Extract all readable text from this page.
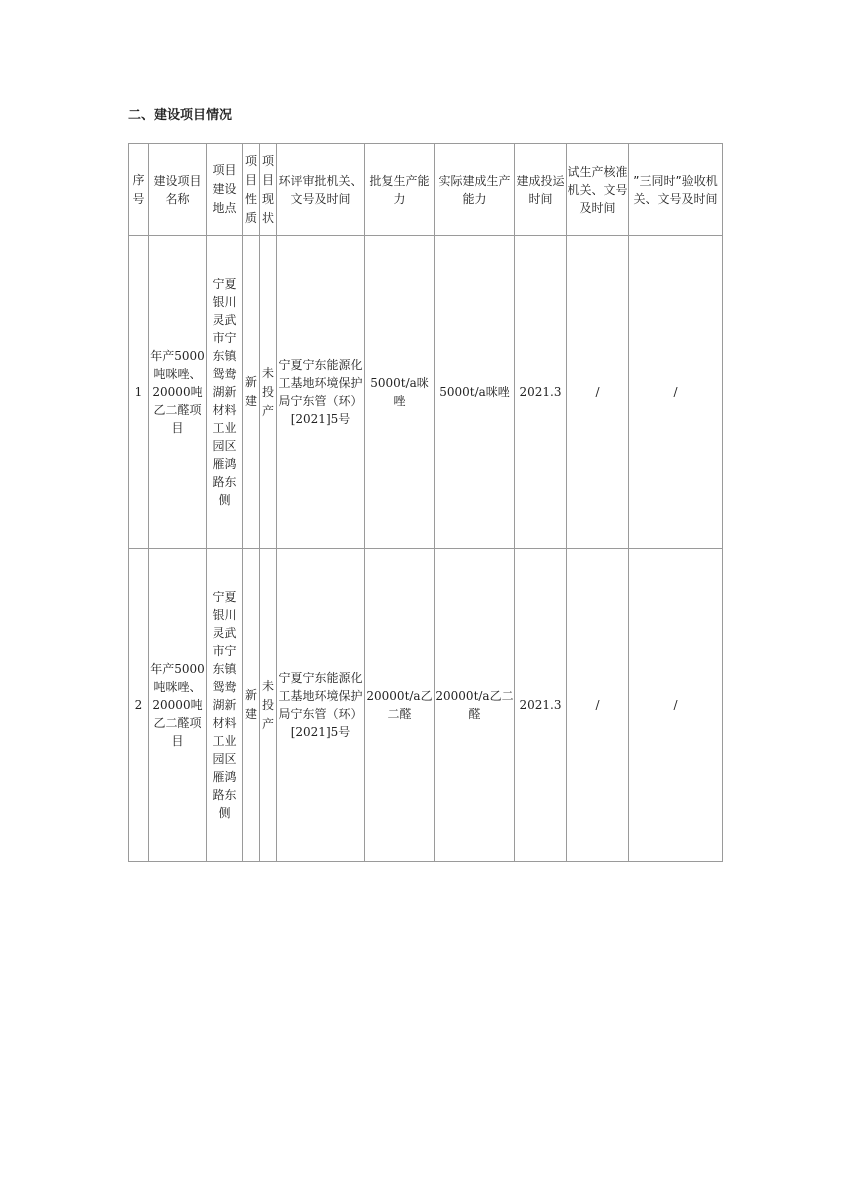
二、建设项目情况
序号	建设项目名称	项目建设地点	项目性质	项目现状	环评审批机关、文号及时间	批复生产能力	实际建成生产能力	建成投运时间	试生产核准机关、文号及时间	”三同时”验收机关、文号及时间
1	年产5000吨咪唑、20000吨乙二醛项目	宁夏银川灵武市宁东镇鸳鸯湖新材料工业园区雁鸿路东侧	新建	未投产	宁夏宁东能源化工基地环境保护局宁东管（环）[2021]5号	5000t/a咪唑	5000t/a咪唑	2021.3	/	/
2	年产5000吨咪唑、20000吨乙二醛项目	宁夏银川灵武市宁东镇鸳鸯湖新材料工业园区雁鸿路东侧	新建	未投产	宁夏宁东能源化工基地环境保护局宁东管（环）[2021]5号	20000t/a乙二醛	20000t/a乙二醛	2021.3	/	/
